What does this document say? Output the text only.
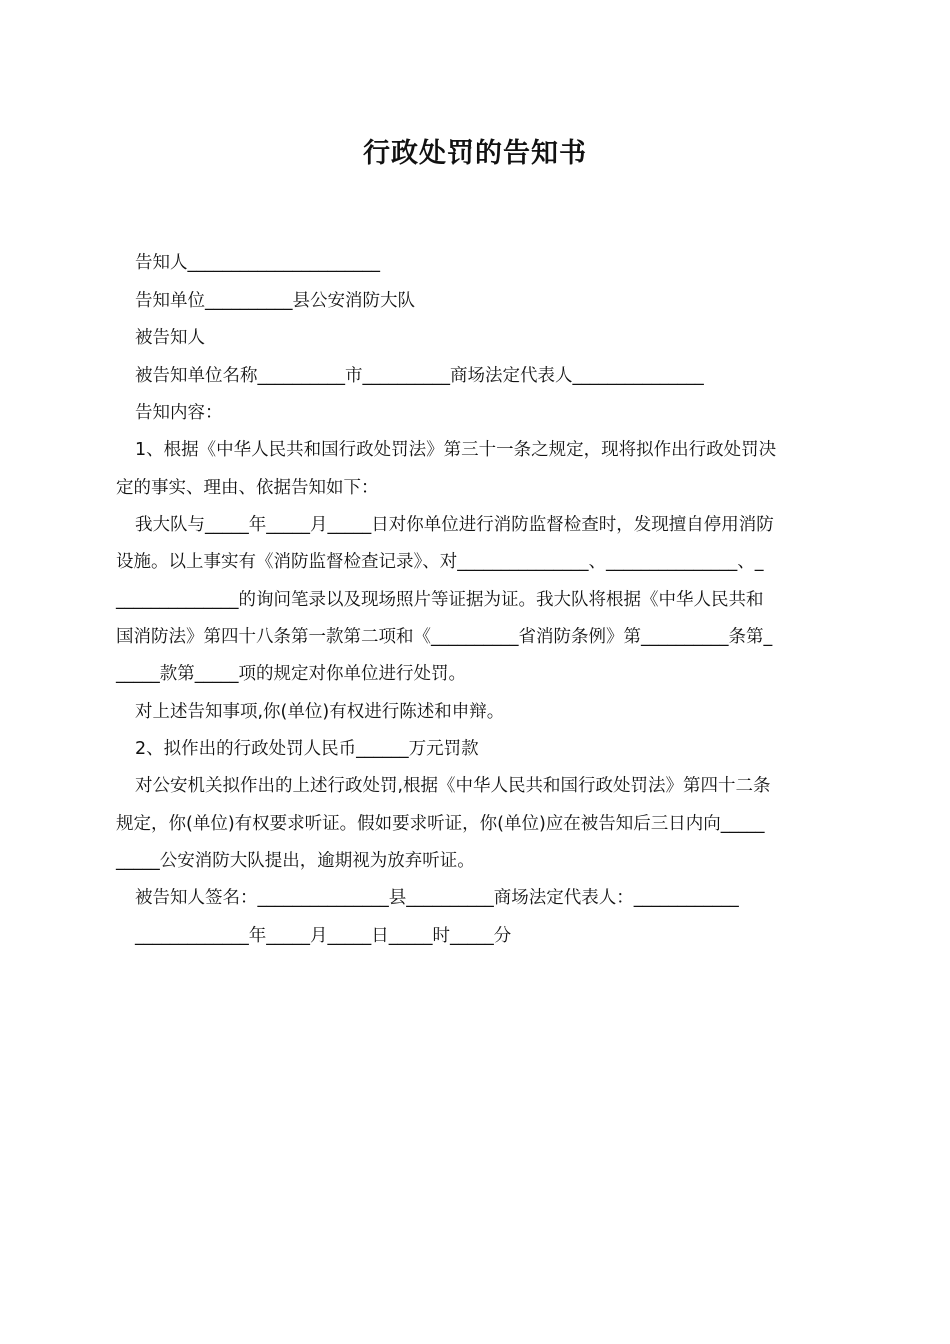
行政处罚的告知书
告知人______________________
告知单位__________县公安消防大队
被告知人
被告知单位名称__________市__________商场法定代表人_______________
告知内容：
1、根据《中华人民共和国行政处罚法》第三十一条之规定，现将拟作出行政处罚决
定的事实、理由、依据告知如下：
我大队与_____年_____月_____日对你单位进行消防监督检查时，发现擅自停用消防
设施。以上事实有《消防监督检查记录》、对_______________、_______________、_
______________的询问笔录以及现场照片等证据为证。我大队将根据《中华人民共和
国消防法》第四十八条第一款第二项和《__________省消防条例》第__________条第_
_____款第_____项的规定对你单位进行处罚。
对上述告知事项,你(单位)有权进行陈述和申辩。
2、拟作出的行政处罚人民币______万元罚款
对公安机关拟作出的上述行政处罚,根据《中华人民共和国行政处罚法》第四十二条
规定，你(单位)有权要求听证。假如要求听证，你(单位)应在被告知后三日内向_____
_____公安消防大队提出，逾期视为放弃听证。
被告知人签名：_______________县__________商场法定代表人：____________
_____________年_____月_____日_____时_____分
